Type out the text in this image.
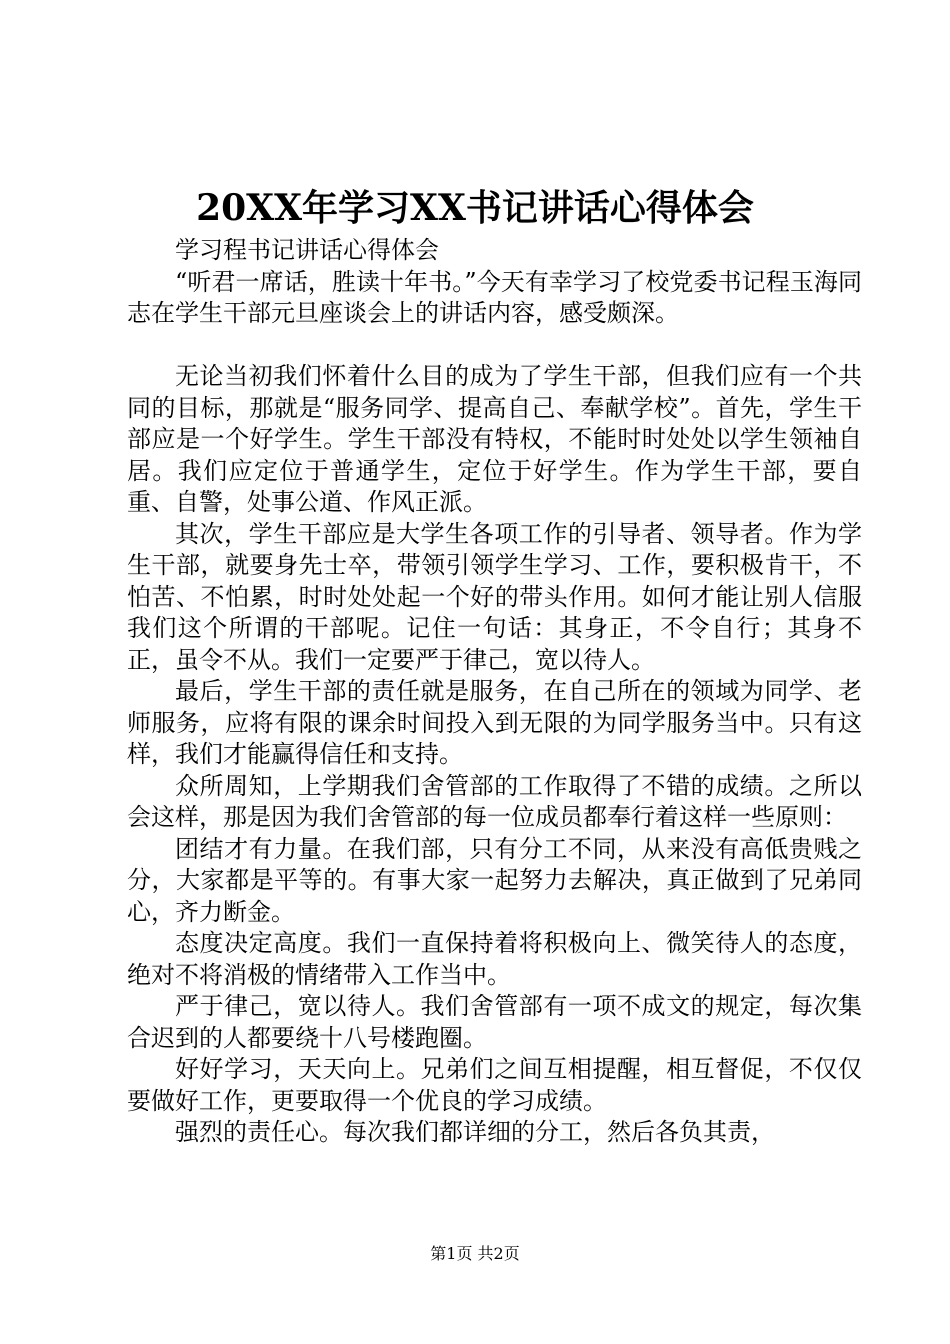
20XX年学习XX书记讲话心得体会

学习程书记讲话心得体会

“听君一席话，胜读十年书。”今天有幸学习了校党委书记程玉海同志在学生干部元旦座谈会上的讲话内容，感受颇深。

无论当初我们怀着什么目的成为了学生干部，但我们应有一个共同的目标，那就是“服务同学、提高自己、奉献学校”。首先，学生干部应是一个好学生。学生干部没有特权，不能时时处处以学生领袖自居。我们应定位于普通学生，定位于好学生。作为学生干部，要自重、自警，处事公道、作风正派。

其次，学生干部应是大学生各项工作的引导者、领导者。作为学生干部，就要身先士卒，带领引领学生学习、工作，要积极肯干，不怕苦、不怕累，时时处处起一个好的带头作用。如何才能让别人信服我们这个所谓的干部呢。记住一句话：其身正，不令自行；其身不正，虽令不从。我们一定要严于律己，宽以待人。

最后，学生干部的责任就是服务，在自己所在的领域为同学、老师服务，应将有限的课余时间投入到无限的为同学服务当中。只有这样，我们才能赢得信任和支持。

众所周知，上学期我们舍管部的工作取得了不错的成绩。之所以会这样，那是因为我们舍管部的每一位成员都奉行着这样一些原则：

团结才有力量。在我们部，只有分工不同，从来没有高低贵贱之分，大家都是平等的。有事大家一起努力去解决，真正做到了兄弟同心，齐力断金。

态度决定高度。我们一直保持着将积极向上、微笑待人的态度，绝对不将消极的情绪带入工作当中。

严于律己，宽以待人。我们舍管部有一项不成文的规定，每次集合迟到的人都要绕十八号楼跑圈。

好好学习，天天向上。兄弟们之间互相提醒，相互督促，不仅仅要做好工作，更要取得一个优良的学习成绩。

强烈的责任心。每次我们都详细的分工，然后各负其责，

第1页 共2页
